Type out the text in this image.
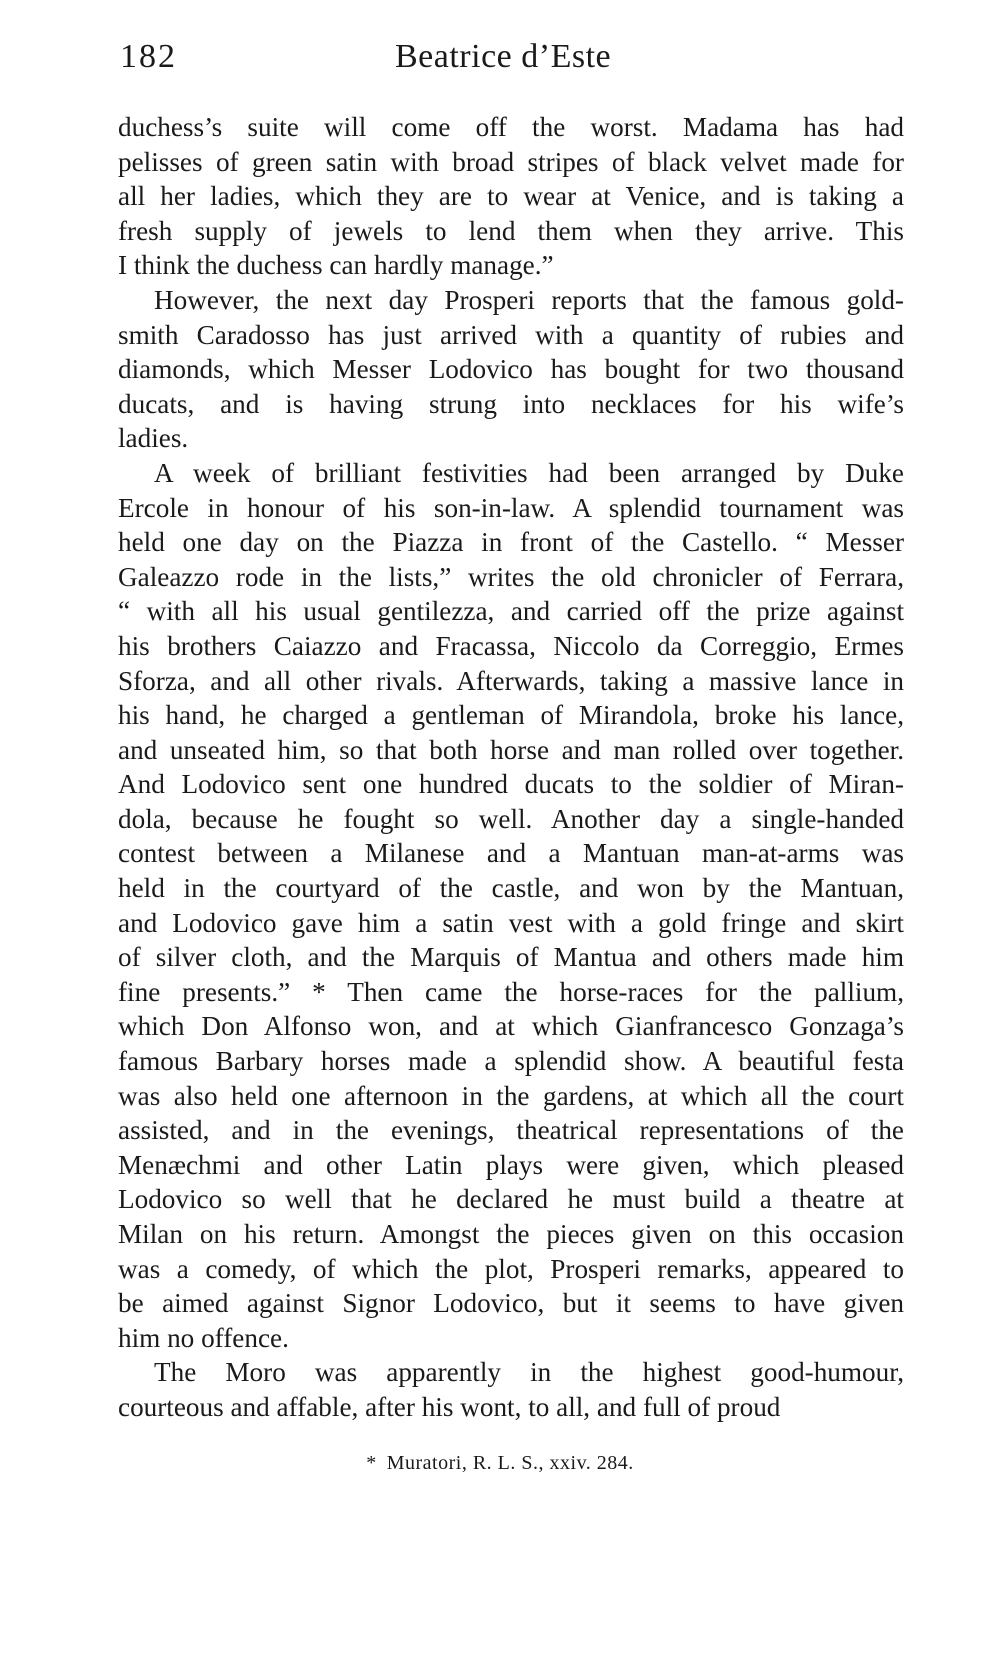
182	Beatrice d’Este
duchess’s suite will come off the worst. Madama has had
pelisses of green satin with broad stripes of black velvet made for
all her ladies, which they are to wear at Venice, and is taking a
fresh supply of jewels to lend them when they arrive. This
I think the duchess can hardly manage.”
However, the next day Prosperi reports that the famous gold-
smith Caradosso has just arrived with a quantity of rubies and
diamonds, which Messer Lodovico has bought for two thousand
ducats, and is having strung into necklaces for his wife’s
ladies.
A week of brilliant festivities had been arranged by Duke
Ercole in honour of his son-in-law. A splendid tournament was
held one day on the Piazza in front of the Castello. “ Messer
Galeazzo rode in the lists,” writes the old chronicler of Ferrara,
“ with all his usual gentilezza, and carried off the prize against
his brothers Caiazzo and Fracassa, Niccolo da Correggio, Ermes
Sforza, and all other rivals. Afterwards, taking a massive lance in
his hand, he charged a gentleman of Mirandola, broke his lance,
and unseated him, so that both horse and man rolled over together.
And Lodovico sent one hundred ducats to the soldier of Miran-
dola, because he fought so well. Another day a single-handed
contest between a Milanese and a Mantuan man-at-arms was
held in the courtyard of the castle, and won by the Mantuan,
and Lodovico gave him a satin vest with a gold fringe and skirt
of silver cloth, and the Marquis of Mantua and others made him
fine presents.” * Then came the horse-races for the pallium,
which Don Alfonso won, and at which Gianfrancesco Gonzaga’s
famous Barbary horses made a splendid show. A beautiful festa
was also held one afternoon in the gardens, at which all the court
assisted, and in the evenings, theatrical representations of the
Menæchmi and other Latin plays were given, which pleased
Lodovico so well that he declared he must build a theatre at
Milan on his return. Amongst the pieces given on this occasion
was a comedy, of which the plot, Prosperi remarks, appeared to
be aimed against Signor Lodovico, but it seems to have given
him no offence.
The Moro was apparently in the highest good-humour,
courteous and affable, after his wont, to all, and full of proud
* Muratori, R. L. S., xxiv. 284.
